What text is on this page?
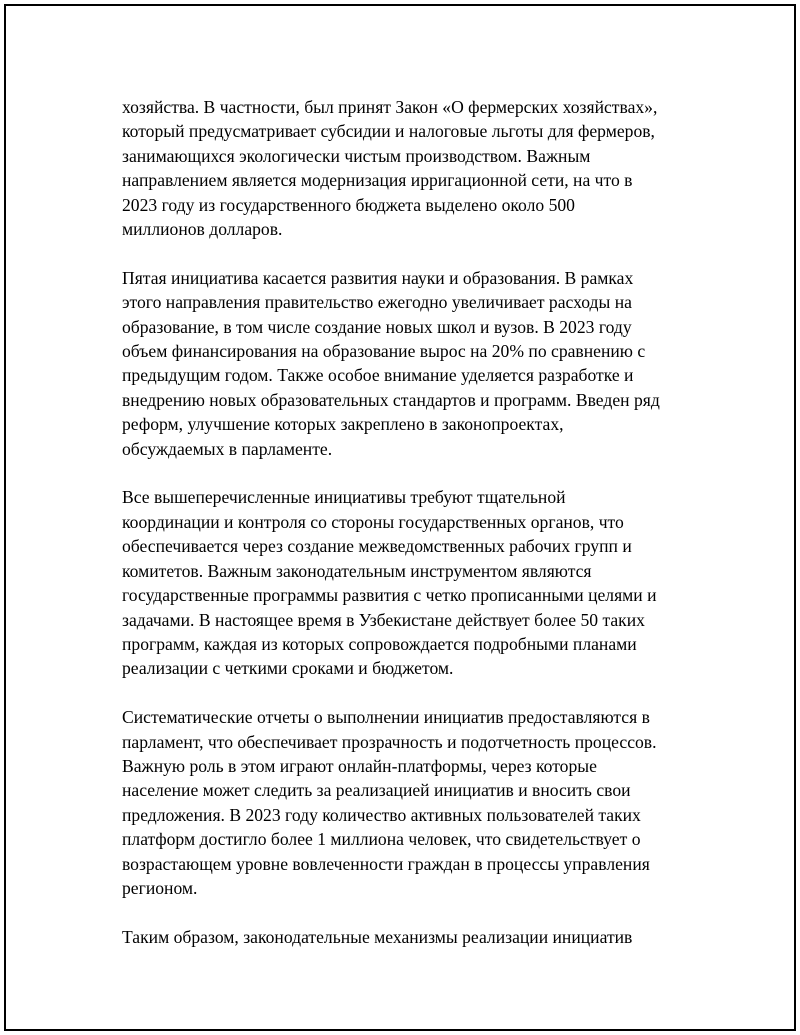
хозяйства. В частности, был принят Закон «О фермерских хозяйствах»,
который предусматривает субсидии и налоговые льготы для фермеров,
занимающихся экологически чистым производством. Важным
направлением является модернизация ирригационной сети, на что в
2023 году из государственного бюджета выделено около 500
миллионов долларов.

Пятая инициатива касается развития науки и образования. В рамках
этого направления правительство ежегодно увеличивает расходы на
образование, в том числе создание новых школ и вузов. В 2023 году
объем финансирования на образование вырос на 20% по сравнению с
предыдущим годом. Также особое внимание уделяется разработке и
внедрению новых образовательных стандартов и программ. Введен ряд
реформ, улучшение которых закреплено в законопроектах,
обсуждаемых в парламенте.

Все вышеперечисленные инициативы требуют тщательной
координации и контроля со стороны государственных органов, что
обеспечивается через создание межведомственных рабочих групп и
комитетов. Важным законодательным инструментом являются
государственные программы развития с четко прописанными целями и
задачами. В настоящее время в Узбекистане действует более 50 таких
программ, каждая из которых сопровождается подробными планами
реализации с четкими сроками и бюджетом.

Систематические отчеты о выполнении инициатив предоставляются в
парламент, что обеспечивает прозрачность и подотчетность процессов.
Важную роль в этом играют онлайн-платформы, через которые
население может следить за реализацией инициатив и вносить свои
предложения. В 2023 году количество активных пользователей таких
платформ достигло более 1 миллиона человек, что свидетельствует о
возрастающем уровне вовлеченности граждан в процессы управления
регионом.

Таким образом, законодательные механизмы реализации инициатив
